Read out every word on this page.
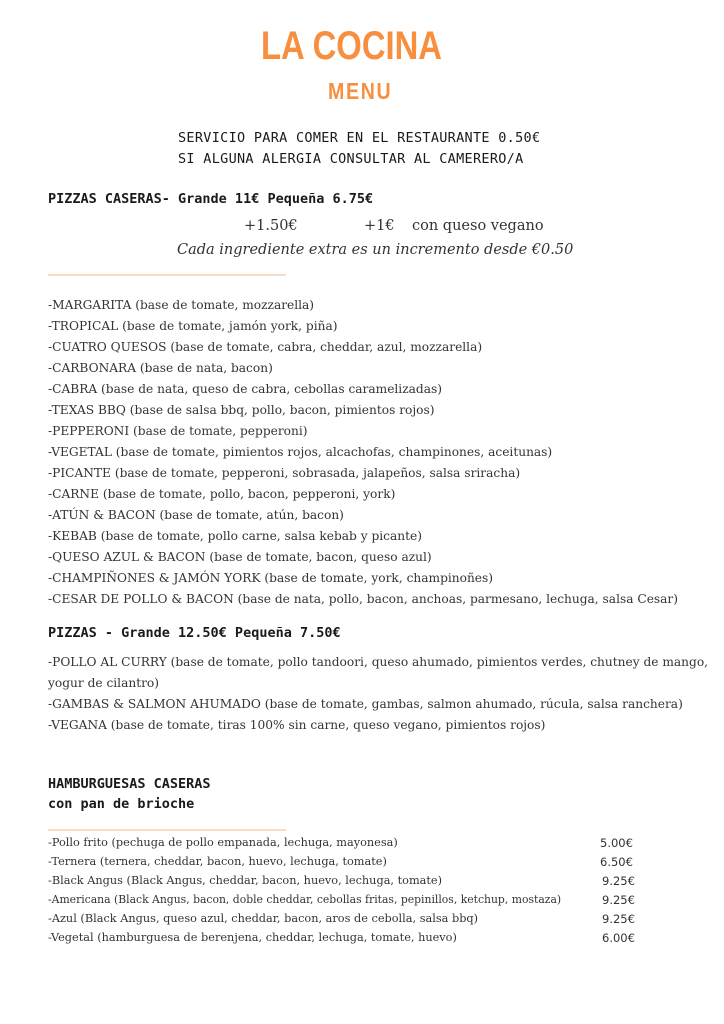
LA COCINA
MENU
SERVICIO PARA COMER EN EL RESTAURANTE 0.50€
SI ALGUNA ALERGIA CONSULTAR AL CAMERERO/A
PIZZAS CASERAS- Grande 11€ Pequeña 6.75€
+1.50€	+1€ con queso vegano
Cada ingrediente extra es un incremento desde €0.50
-MARGARITA (base de tomate, mozzarella)
-TROPICAL (base de tomate, jamón york, piña)
-CUATRO QUESOS (base de tomate, cabra, cheddar, azul, mozzarella)
-CARBONARA (base de nata, bacon)
-CABRA (base de nata, queso de cabra, cebollas caramelizadas)
-TEXAS BBQ (base de salsa bbq, pollo, bacon, pimientos rojos)
-PEPPERONI (base de tomate, pepperoni)
-VEGETAL (base de tomate, pimientos rojos, alcachofas, champinones, aceitunas)
-PICANTE (base de tomate, pepperoni, sobrasada, jalapeños, salsa sriracha)
-CARNE (base de tomate, pollo, bacon, pepperoni, york)
-ATÚN & BACON (base de tomate, atún, bacon)
-KEBAB (base de tomate, pollo carne, salsa kebab y picante)
-QUESO AZUL & BACON (base de tomate, bacon, queso azul)
-CHAMPIÑONES & JAMÓN YORK (base de tomate, york, champinoñes)
-CESAR DE POLLO & BACON (base de nata, pollo, bacon, anchoas, parmesano, lechuga, salsa Cesar)
PIZZAS - Grande 12.50€ Pequeña 7.50€
-POLLO AL CURRY (base de tomate, pollo tandoori, queso ahumado, pimientos verdes, chutney de mango,
yogur de cilantro)
-GAMBAS & SALMON AHUMADO (base de tomate, gambas, salmon ahumado, rúcula, salsa ranchera)
-VEGANA (base de tomate, tiras 100% sin carne, queso vegano, pimientos rojos)
HAMBURGUESAS CASERAS
con pan de brioche
-Pollo frito (pechuga de pollo empanada, lechuga, mayonesa)	5.00€
-Ternera (ternera, cheddar, bacon, huevo, lechuga, tomate)	6.50€
-Black Angus (Black Angus, cheddar, bacon, huevo, lechuga, tomate)	9.25€
-Americana (Black Angus, bacon, doble cheddar, cebollas fritas, pepinillos, ketchup, mostaza)	9.25€
-Azul (Black Angus, queso azul, cheddar, bacon, aros de cebolla, salsa bbq)	9.25€
-Vegetal (hamburguesa de berenjena, cheddar, lechuga, tomate, huevo)	6.00€
